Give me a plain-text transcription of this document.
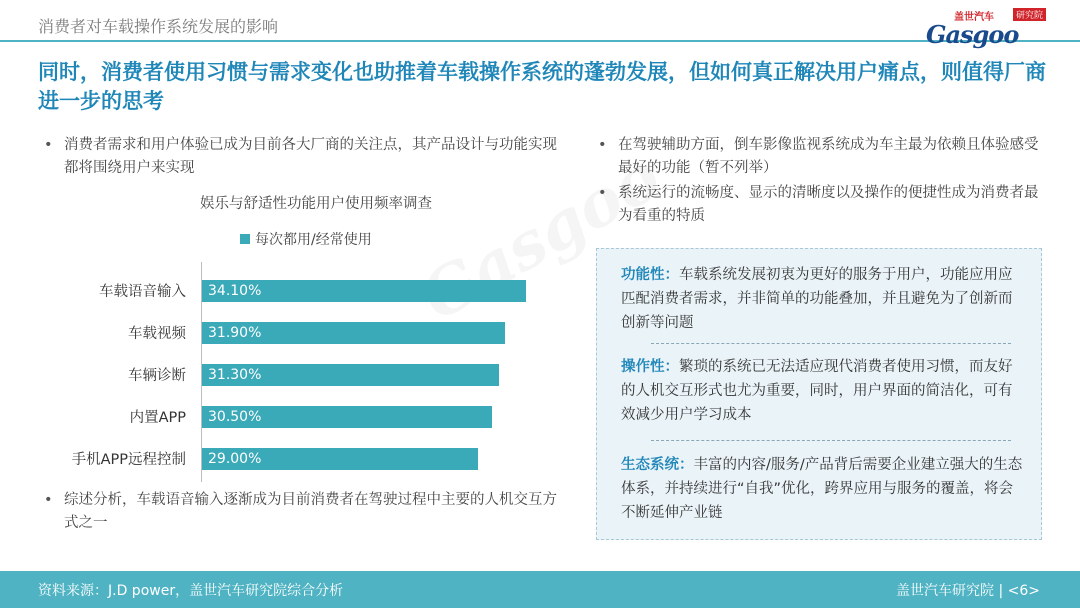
消费者对车载操作系统发展的影响	盖世汽车	研究院
Gasgoo
同时，消费者使用习惯与需求变化也助推着车载操作系统的蓬勃发展，但如何真正解决用户痛点，则值得厂商进一步的思考
• 消费者需求和用户体验已成为目前各大厂商的关注点，其产品设计与功能实现都将围绕用户来实现
娱乐与舒适性功能用户使用频率调查
每次都用/经常使用
车载语音输入 34.10%
车载视频 31.90%
车辆诊断 31.30%
内置APP 30.50%
手机APP远程控制 29.00%
• 综述分析，车载语音输入逐渐成为目前消费者在驾驶过程中主要的人机交互方式之一
• 在驾驶辅助方面，倒车影像监视系统成为车主最为依赖且体验感受最好的功能（暂不列举）
• 系统运行的流畅度、显示的清晰度以及操作的便捷性成为消费者最为看重的特质
功能性：车载系统发展初衷为更好的服务于用户，功能应用应匹配消费者需求，并非简单的功能叠加，并且避免为了创新而创新等问题
操作性：繁琐的系统已无法适应现代消费者使用习惯，而友好的人机交互形式也尤为重要，同时，用户界面的简洁化，可有效减少用户学习成本
生态系统：丰富的内容/服务/产品背后需要企业建立强大的生态体系，并持续进行“自我”优化，跨界应用与服务的覆盖，将会不断延伸产业链
资料来源：J.D power，盖世汽车研究院综合分析	盖世汽车研究院 | <6>
